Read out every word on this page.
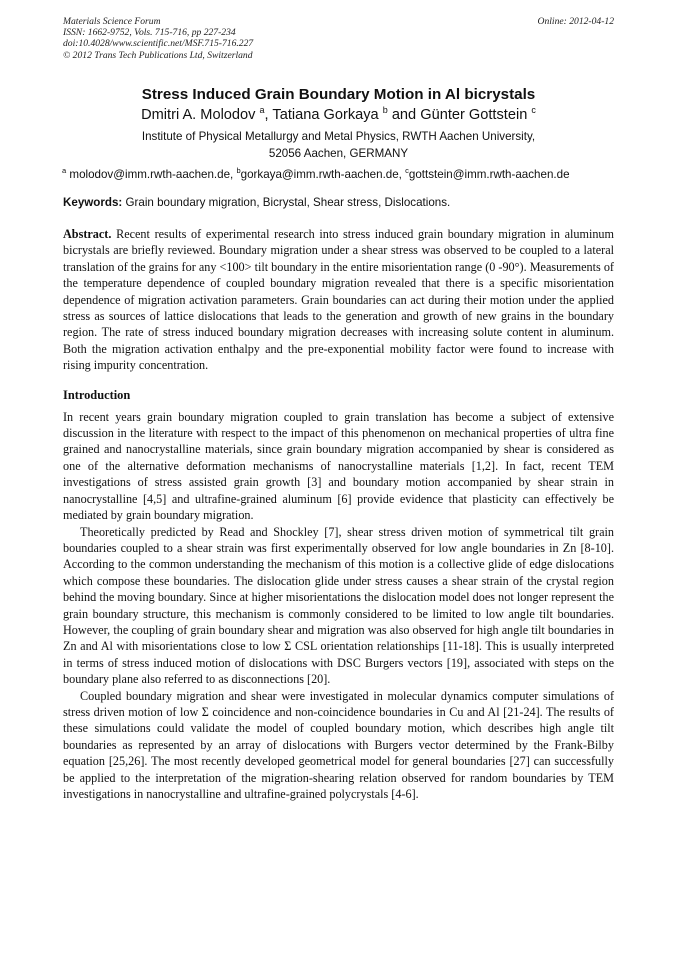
Materials Science Forum
ISSN: 1662-9752, Vols. 715-716, pp 227-234
doi:10.4028/www.scientific.net/MSF.715-716.227
© 2012 Trans Tech Publications Ltd, Switzerland
Online: 2012-04-12
Stress Induced Grain Boundary Motion in Al bicrystals
Dmitri A. Molodov $^a$, Tatiana Gorkaya $^b$ and Günter Gottstein $^c$
Institute of Physical Metallurgy and Metal Physics, RWTH Aachen University,
52056 Aachen, GERMANY
$^a$ molodov@imm.rwth-aachen.de, $^b$gorkaya@imm.rwth-aachen.de, $^c$gottstein@imm.rwth-aachen.de
Keywords: Grain boundary migration, Bicrystal, Shear stress, Dislocations.
Abstract. Recent results of experimental research into stress induced grain boundary migration in aluminum bicrystals are briefly reviewed. Boundary migration under a shear stress was observed to be coupled to a lateral translation of the grains for any <100> tilt boundary in the entire misorientation range (0 -90°). Measurements of the temperature dependence of coupled boundary migration revealed that there is a specific misorientation dependence of migration activation parameters. Grain boundaries can act during their motion under the applied stress as sources of lattice dislocations that leads to the generation and growth of new grains in the boundary region. The rate of stress induced boundary migration decreases with increasing solute content in aluminum. Both the migration activation enthalpy and the pre-exponential mobility factor were found to increase with rising impurity concentration.
Introduction

In recent years grain boundary migration coupled to grain translation has become a subject of extensive discussion in the literature with respect to the impact of this phenomenon on mechanical properties of ultra fine grained and nanocrystalline materials, since grain boundary migration accompanied by shear is considered as one of the alternative deformation mechanisms of nanocrystalline materials [1,2]. In fact, recent TEM investigations of stress assisted grain growth [3] and boundary motion accompanied by shear strain in nanocrystalline [4,5] and ultrafine-grained aluminum [6] provide evidence that plasticity can effectively be mediated by grain boundary migration.

Theoretically predicted by Read and Shockley [7], shear stress driven motion of symmetrical tilt grain boundaries coupled to a shear strain was first experimentally observed for low angle boundaries in Zn [8-10]. According to the common understanding the mechanism of this motion is a collective glide of edge dislocations which compose these boundaries. The dislocation glide under stress causes a shear strain of the crystal region behind the moving boundary. Since at higher misorientations the dislocation model does not longer represent the grain boundary structure, this mechanism is commonly considered to be limited to low angle tilt boundaries. However, the coupling of grain boundary shear and migration was also observed for high angle tilt boundaries in Zn and Al with misorientations close to low Σ CSL orientation relationships [11-18]. This is usually interpreted in terms of stress induced motion of dislocations with DSC Burgers vectors [19], associated with steps on the boundary plane also referred to as disconnections [20].

Coupled boundary migration and shear were investigated in molecular dynamics computer simulations of stress driven motion of low Σ coincidence and non-coincidence boundaries in Cu and Al [21-24]. The results of these simulations could validate the model of coupled boundary motion, which describes high angle tilt boundaries as represented by an array of dislocations with Burgers vector determined by the Frank-Bilby equation [25,26]. The most recently developed geometrical model for general boundaries [27] can successfully be applied to the interpretation of the migration-shearing relation observed for random boundaries by TEM investigations in nanocrystalline and ultrafine-grained polycrystals [4-6].
